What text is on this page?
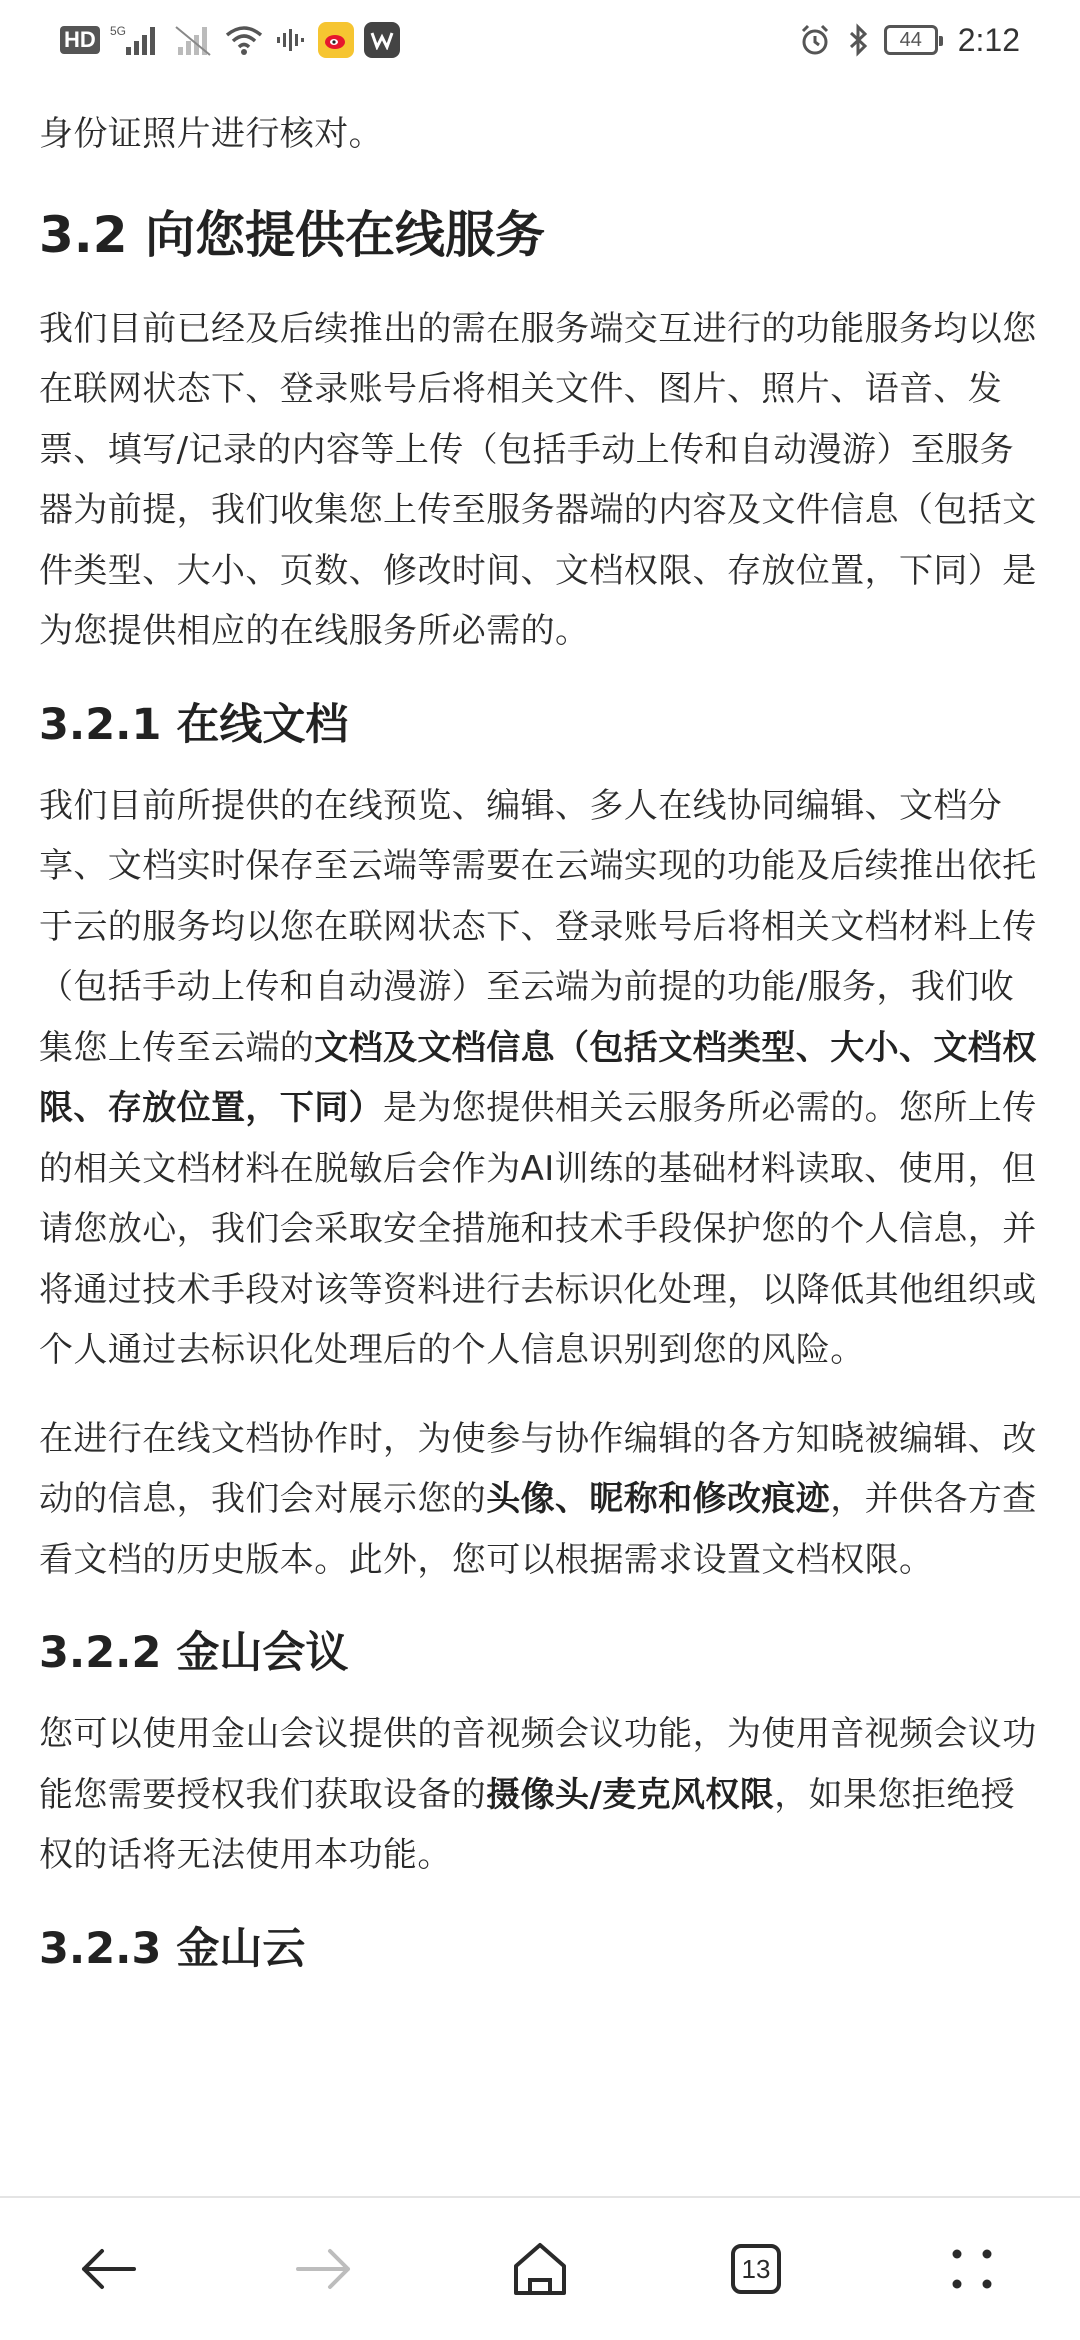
身份证照片进行核对。

3.2 向您提供在线服务

我们目前已经及后续推出的需在服务端交互进行的功能服务均以您在联网状态下、登录账号后将相关文件、图片、照片、语音、发票、填写/记录的内容等上传（包括手动上传和自动漫游）至服务器为前提，我们收集您上传至服务器端的内容及文件信息（包括文件类型、大小、页数、修改时间、文档权限、存放位置，下同）是为您提供相应的在线服务所必需的。

3.2.1 在线文档

我们目前所提供的在线预览、编辑、多人在线协同编辑、文档分享、文档实时保存至云端等需要在云端实现的功能及后续推出依托于云的服务均以您在联网状态下、登录账号后将相关文档材料上传（包括手动上传和自动漫游）至云端为前提的功能/服务，我们收集您上传至云端的文档及文档信息（包括文档类型、大小、文档权限、存放位置，下同）是为您提供相关云服务所必需的。您所上传的相关文档材料在脱敏后会作为AI训练的基础材料读取、使用，但请您放心，我们会采取安全措施和技术手段保护您的个人信息，并将通过技术手段对该等资料进行去标识化处理，以降低其他组织或个人通过去标识化处理后的个人信息识别到您的风险。

在进行在线文档协作时，为使参与协作编辑的各方知晓被编辑、改动的信息，我们会对展示您的头像、昵称和修改痕迹，并供各方查看文档的历史版本。此外，您可以根据需求设置文档权限。

3.2.2 金山会议

您可以使用金山会议提供的音视频会议功能，为使用音视频会议功能您需要授权我们获取设备的摄像头/麦克风权限，如果您拒绝授权的话将无法使用本功能。

3.2.3 金山云
HD	5G	44	2:12
13
